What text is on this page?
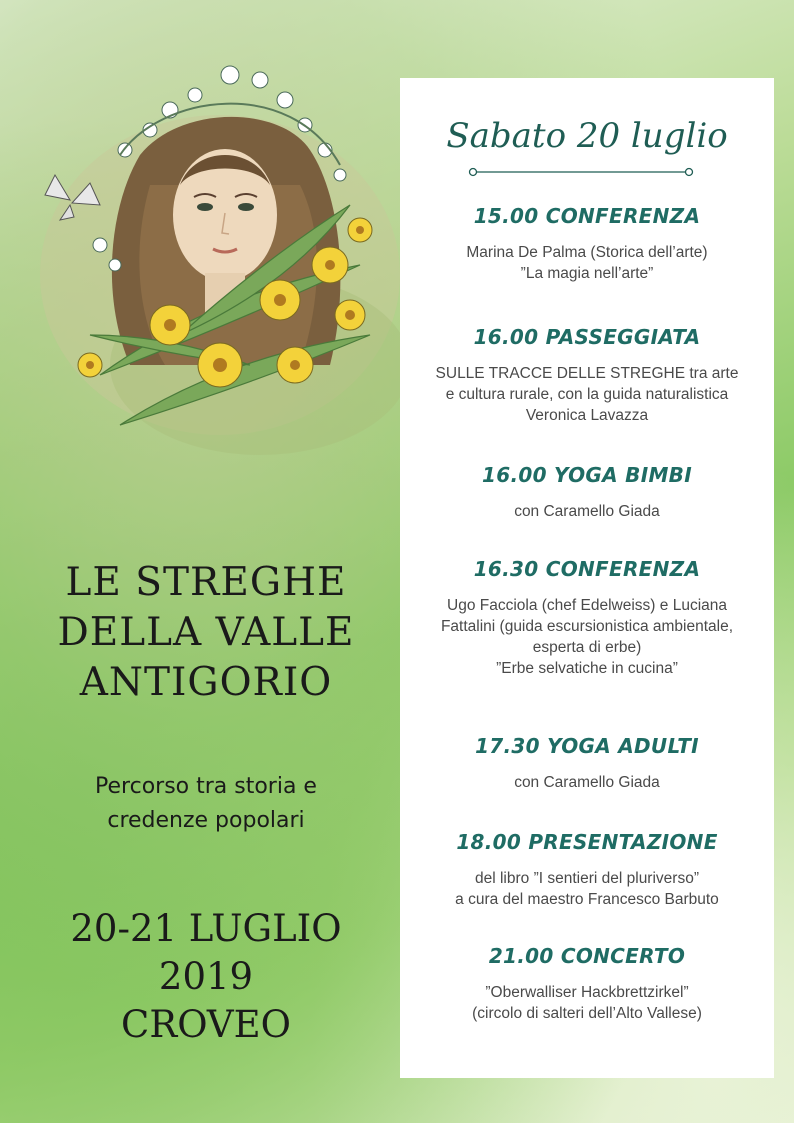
LE STREGHE
DELLA VALLE
ANTIGORIO
Percorso tra storia e
credenze popolari
20-21 LUGLIO 2019
CROVEO
Sabato 20 luglio
15.00 CONFERENZA
Marina De Palma (Storica dell’arte)
”La magia nell’arte”
16.00 PASSEGGIATA
SULLE TRACCE DELLE STREGHE tra arte
e cultura rurale, con la guida naturalistica
Veronica Lavazza
16.00 YOGA BIMBI
con Caramello Giada
16.30 CONFERENZA
Ugo Facciola (chef Edelweiss) e Luciana
Fattalini (guida escursionistica ambientale,
esperta di erbe)
”Erbe selvatiche in cucina”
17.30 YOGA ADULTI
con Caramello Giada
18.00 PRESENTAZIONE
del libro ”I sentieri del pluriverso”
a cura del maestro Francesco Barbuto
21.00 CONCERTO
”Oberwalliser Hackbrettzirkel”
(circolo di salteri dell’Alto Vallese)
